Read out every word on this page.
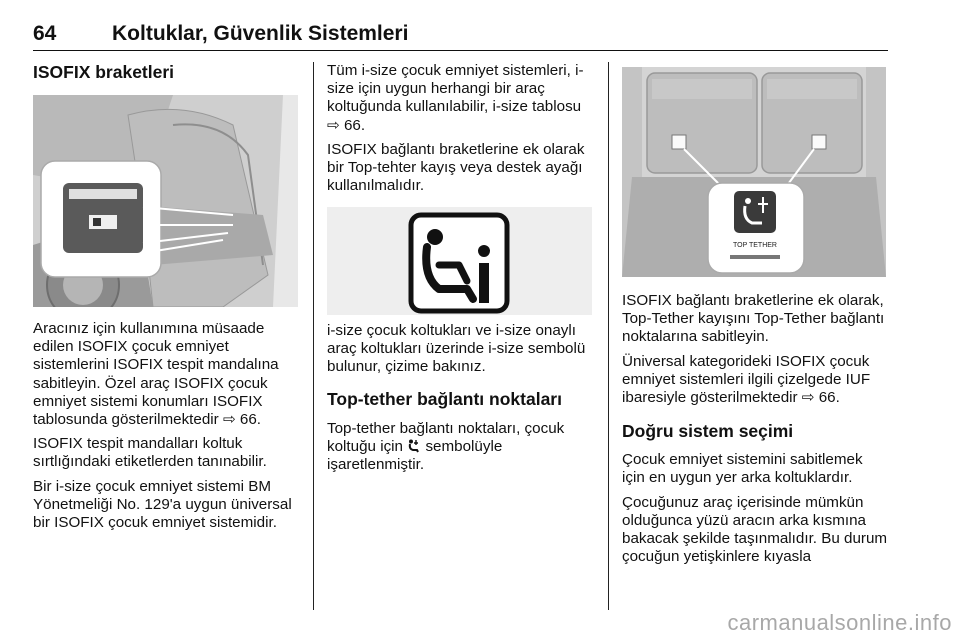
64	Koltuklar, Güvenlik Sistemleri
ISOFIX braketleri

Aracınız için kullanımına müsaade edilen ISOFIX çocuk emniyet sistemlerini ISOFIX tespit mandalına sabitleyin. Özel araç ISOFIX çocuk emniyet sistemi konumları ISOFIX tablosunda gösterilmektedir ⇨ 66.

ISOFIX tespit mandalları koltuk sırtlığındaki etiketlerden tanınabilir.

Bir i-size çocuk emniyet sistemi BM Yönetmeliği No. 129'a uygun üniversal bir ISOFIX çocuk emniyet sistemidir.

Tüm i-size çocuk emniyet sistemleri, i-size için uygun herhangi bir araç koltuğunda kullanılabilir, i-size tablosu ⇨ 66.

ISOFIX bağlantı braketlerine ek olarak bir Top-tehter kayış veya destek ayağı kullanılmalıdır.

i-size çocuk koltukları ve i-size onaylı araç koltukları üzerinde i-size sembolü bulunur, çizime bakınız.

Top-tether bağlantı noktaları

Top-tether bağlantı noktaları, çocuk koltuğu için sembolüyle işaretlenmiştir.

TOP TETHER

ISOFIX bağlantı braketlerine ek olarak, Top-Tether kayışını Top-Tether bağlantı noktalarına sabitleyin.

Üniversal kategorideki ISOFIX çocuk emniyet sistemleri ilgili çizelgede IUF ibaresiyle gösterilmektedir ⇨ 66.

Doğru sistem seçimi

Çocuk emniyet sistemini sabitlemek için en uygun yer arka koltuklardır.

Çocuğunuz araç içerisinde mümkün olduğunca yüzü aracın arka kısmına bakacak şekilde taşınmalıdır. Bu durum çocuğun yetişkinlere kıyasla

carmanualsonline.info
